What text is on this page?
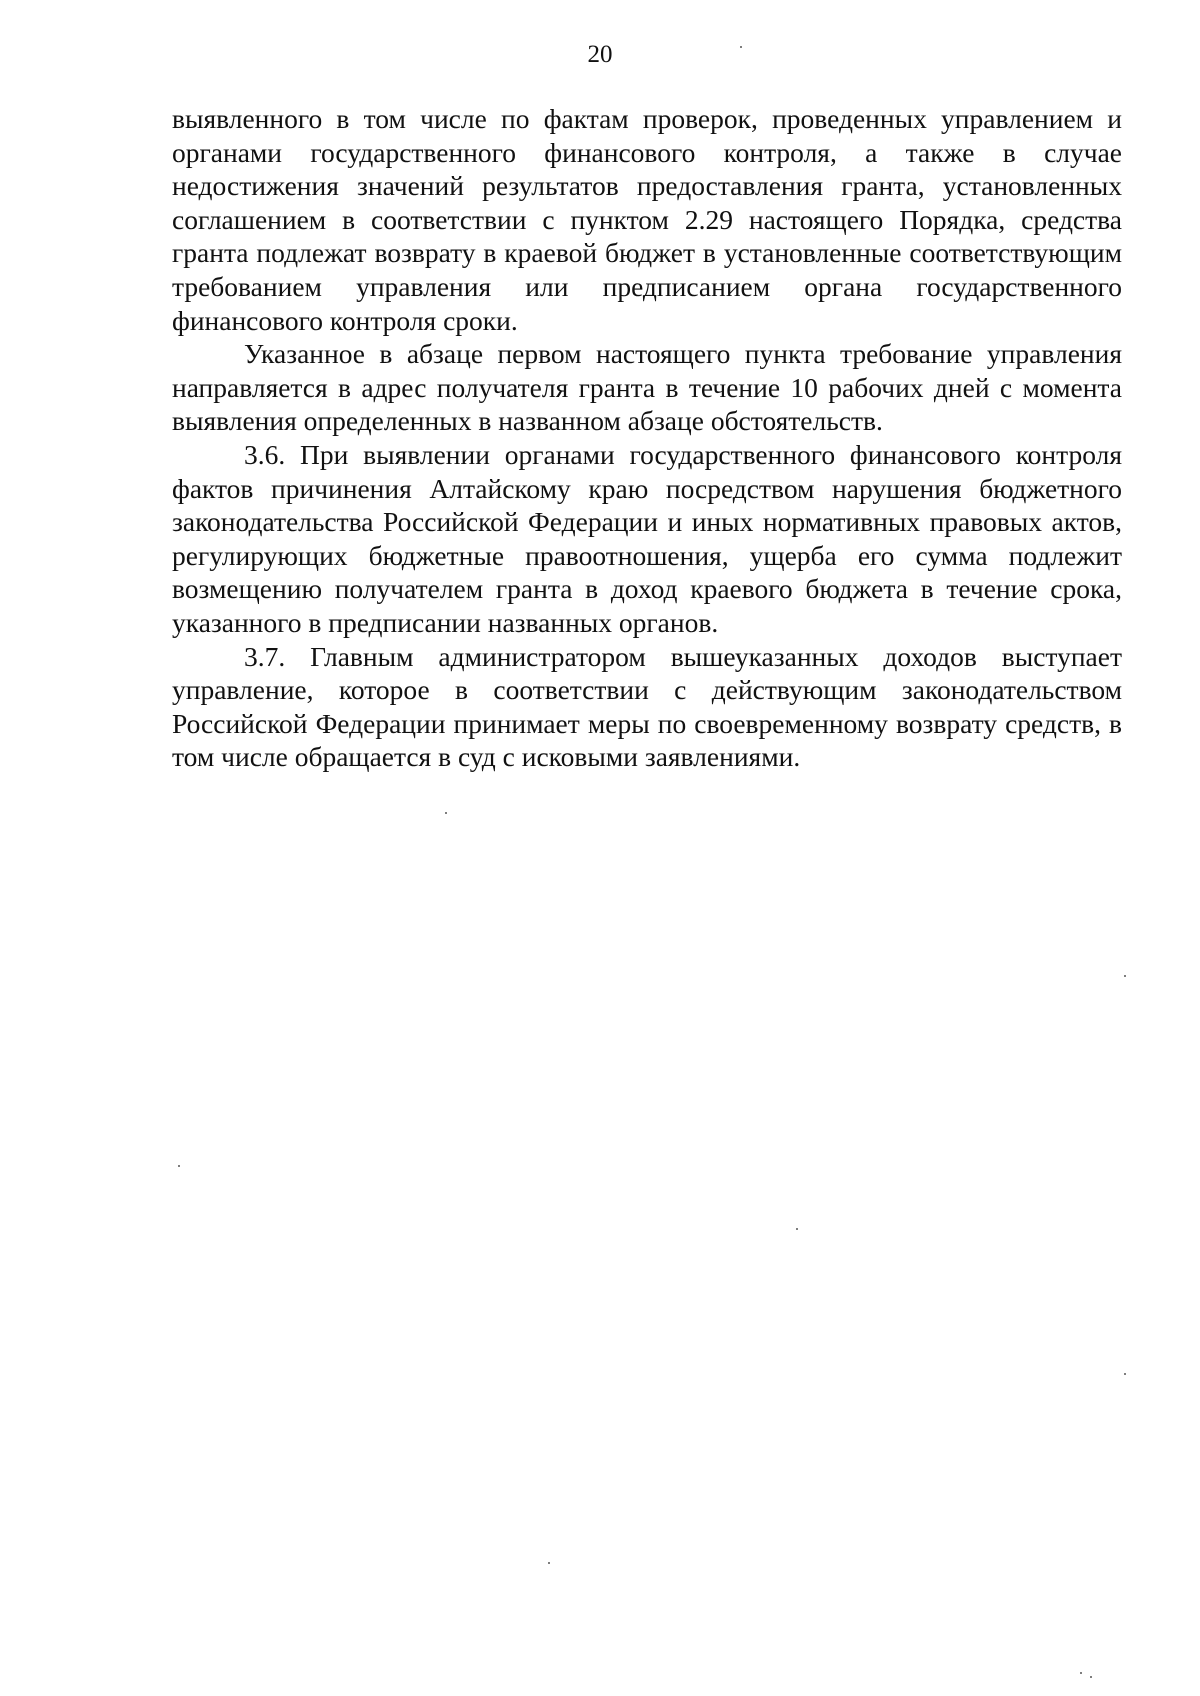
20

выявленного в том числе по фактам проверок, проведенных управлением и органами государственного финансового контроля, а также в случае недостижения значений результатов предоставления гранта, установленных соглашением в соответствии с пунктом 2.29 настоящего Порядка, средства гранта подлежат возврату в краевой бюджет в установленные соответствующим требованием управления или предписанием органа государственного финансового контроля сроки.

Указанное в абзаце первом настоящего пункта требование управления направляется в адрес получателя гранта в течение 10 рабочих дней с момента выявления определенных в названном абзаце обстоятельств.

3.6. При выявлении органами государственного финансового контроля фактов причинения Алтайскому краю посредством нарушения бюджетного законодательства Российской Федерации и иных нормативных правовых актов, регулирующих бюджетные правоотношения, ущерба его сумма подлежит возмещению получателем гранта в доход краевого бюджета в течение срока, указанного в предписании названных органов.

3.7. Главным администратором вышеуказанных доходов выступает управление, которое в соответствии с действующим законодательством Российской Федерации принимает меры по своевременному возврату средств, в том числе обращается в суд с исковыми заявлениями.
